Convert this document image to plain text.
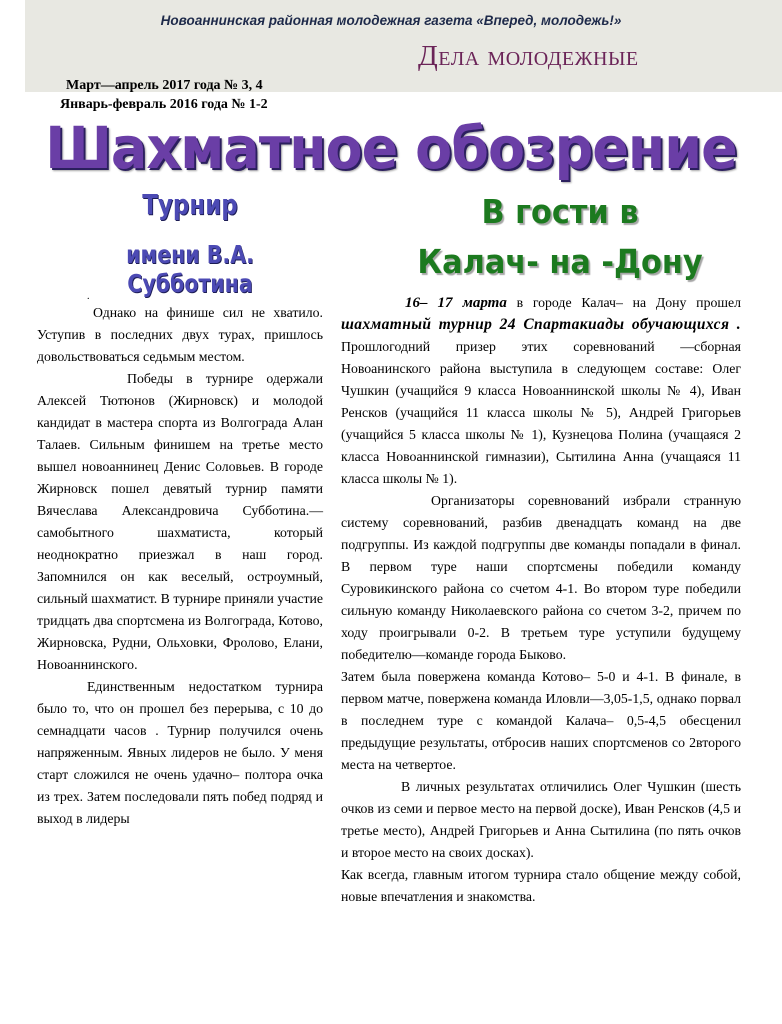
Новоаннинская районная молодежная газета «Вперед, молодежь!»
Дела молодежные
Март—апрель 2017 года № 3, 4
Январь-февраль 2016 года № 1-2
Шахматное обозрение
Турнир
имени В.А. Субботина
В гости в
Калач- на -Дону

.

Однако на финише сил не хватило. Уступив в последних двух турах, пришлось довольствоваться седьмым местом.

Победы в турнире одержали Алексей Тютюнов (Жирновск) и молодой кандидат в мастера спорта из Волгограда Алан Талаев. Сильным финишем на третье место вышел новоаннинец Денис Соловьев. В городе Жирновск пошел девятый турнир памяти Вячеслава Александровича Субботина.—самобытного шахматиста, который неоднократно приезжал в наш город. Запомнился он как веселый, остроумный, сильный шахматист. В турнире приняли участие тридцать два спортсмена из Волгограда, Котово, Жирновска, Рудни, Ольховки, Фролово, Елани, Новоаннинского.

Единственным недостатком турнира было то, что он прошел без перерыва, с 10 до семнадцати часов . Турнир получился очень напряженным. Явных лидеров не было. У меня старт сложился не очень удачно– полтора очка из трех. Затем последовали пять побед подряд и выход в лидеры

16– 17 марта в городе Калач– на Дону прошел шахматный турнир 24 Спартакиады обучающихся . Прошлогодний призер этих соревнований —сборная Новоанинского района выступила в следующем составе: Олег Чушкин (учащийся 9 класса Новоаннинской школы № 4), Иван Ренсков (учащийся 11 класса школы № 5), Андрей Григорьев (учащийся 5 класса школы № 1), Кузнецова Полина (учащаяся 2 класса Новоаннинской гимназии), Сытилина Анна (учащаяся 11 класса школы № 1).

Организаторы соревнований избрали странную систему соревнований, разбив двенадцать команд на две подгруппы. Из каждой подгруппы две команды попадали в финал. В первом туре наши спортсмены победили команду Суровикинского района со счетом 4-1. Во втором туре победили сильную команду Николаевского района со счетом 3-2, причем по ходу проигрывали 0-2. В третьем туре уступили будущему победителю—команде города Быково.

Затем была повержена команда Котово– 5-0 и 4-1. В финале, в первом матче, повержена команда Иловли—3,05-1,5, однако порвал в последнем туре с командой Калача– 0,5-4,5 обесценил предыдущие результаты, отбросив наших спортсменов со 2второго места на четвертое.

В личных результатах отличились Олег Чушкин (шесть очков из семи и первое место на первой доске), Иван Ренсков (4,5 и третье место), Андрей Григорьев и Анна Сытилина (по пять очков и второе место на своих досках).

Как всегда, главным итогом турнира стало общение между собой, новые впечатления и знакомства.
